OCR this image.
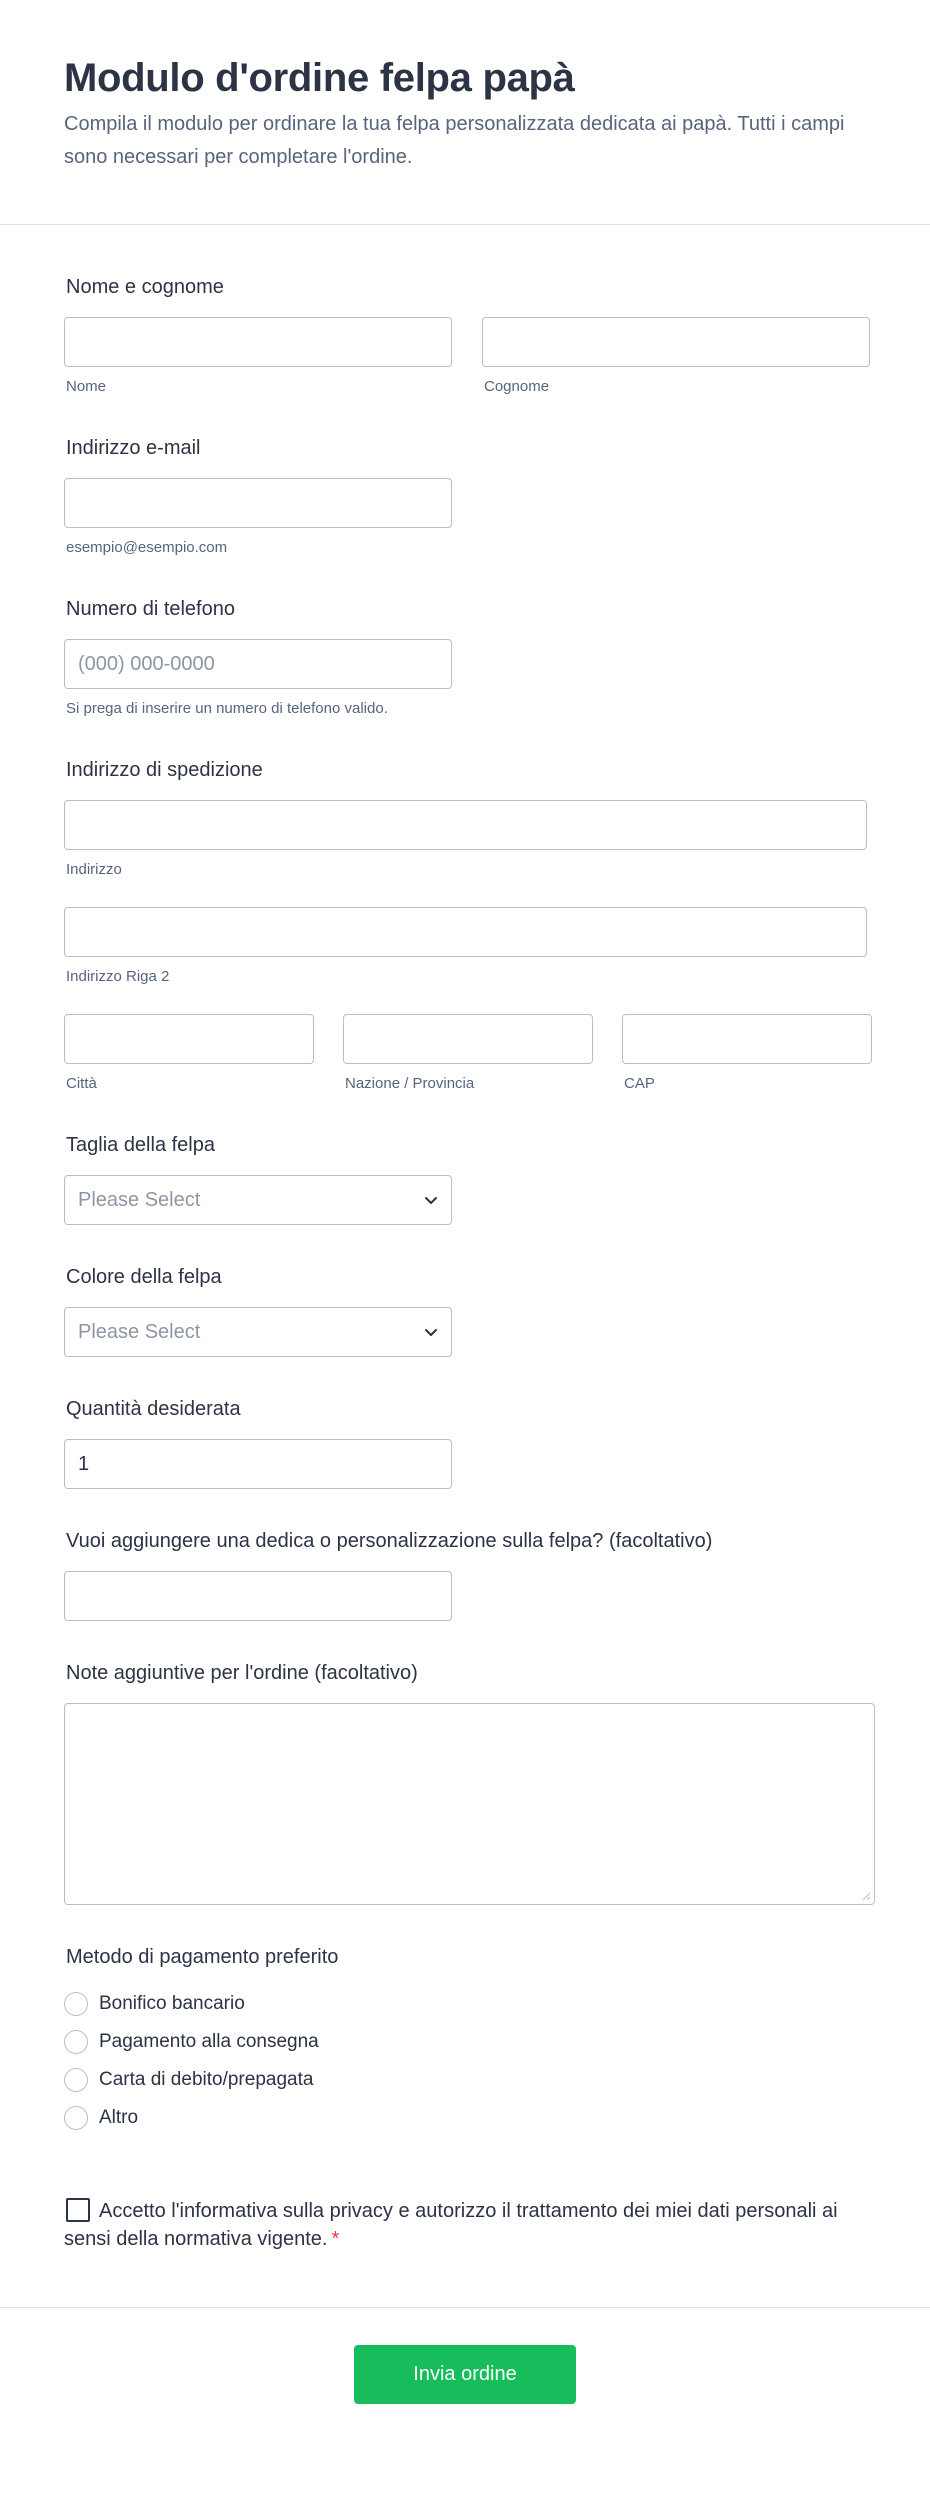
Modulo d'ordine felpa papà

Compila il modulo per ordinare la tua felpa personalizzata dedicata ai papà. Tutti i campi sono necessari per completare l'ordine.

Nome e cognome
Nome	Cognome
Indirizzo e-mail
esempio@esempio.com
Numero di telefono
(000) 000-0000
Si prega di inserire un numero di telefono valido.
Indirizzo di spedizione
Indirizzo
Indirizzo Riga 2
Città	Nazione / Provincia	CAP
Taglia della felpa
Please Select
Colore della felpa
Please Select
Quantità desiderata
1
Vuoi aggiungere una dedica o personalizzazione sulla felpa? (facoltativo)
Note aggiuntive per l'ordine (facoltativo)
Metodo di pagamento preferito
Bonifico bancario
Pagamento alla consegna
Carta di debito/prepagata
Altro
Accetto l'informativa sulla privacy e autorizzo il trattamento dei miei dati personali ai sensi della normativa vigente. *
Invia ordine
